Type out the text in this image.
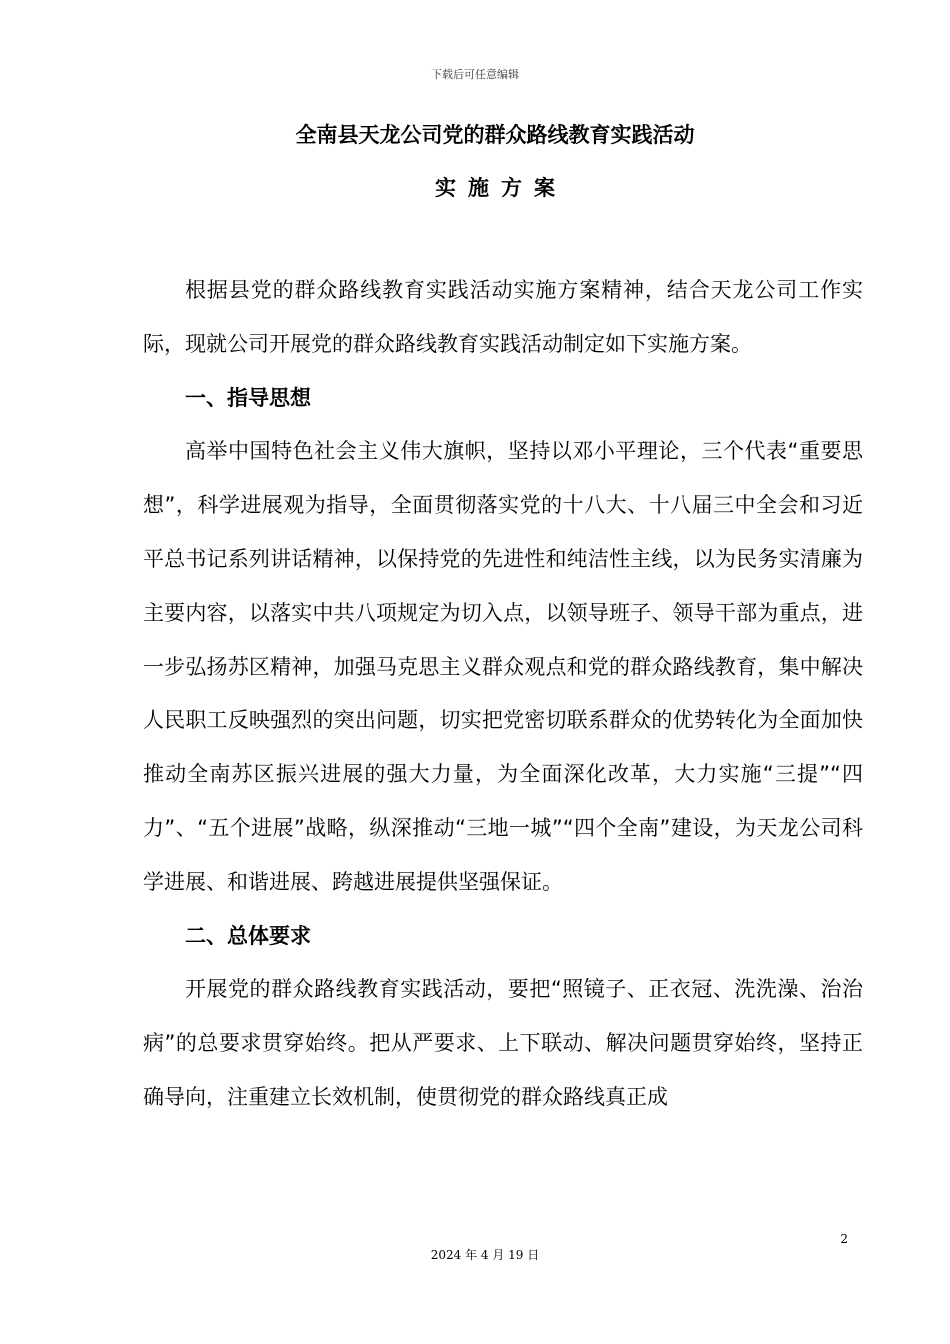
下载后可任意编辑
全南县天龙公司党的群众路线教育实践活动
实施方案

根据县党的群众路线教育实践活动实施方案精神，结合天龙公司工作实际，现就公司开展党的群众路线教育实践活动制定如下实施方案。

一、指导思想

高举中国特色社会主义伟大旗帜，坚持以邓小平理论，三个代表“重要思想”，科学进展观为指导，全面贯彻落实党的十八大、十八届三中全会和习近平总书记系列讲话精神，以保持党的先进性和纯洁性主线，以为民务实清廉为主要内容，以落实中共八项规定为切入点，以领导班子、领导干部为重点，进一步弘扬苏区精神，加强马克思主义群众观点和党的群众路线教育，集中解决人民职工反映强烈的突出问题，切实把党密切联系群众的优势转化为全面加快推动全南苏区振兴进展的强大力量，为全面深化改革，大力实施“三提”“四力”、“五个进展”战略，纵深推动“三地一城”“四个全南”建设，为天龙公司科学进展、和谐进展、跨越进展提供坚强保证。

二、总体要求

开展党的群众路线教育实践活动，要把“照镜子、正衣冠、洗洗澡、治治病”的总要求贯穿始终。把从严要求、上下联动、解决问题贯穿始终，坚持正确导向，注重建立长效机制，使贯彻党的群众路线真正成

2
2024 年 4 月 19 日
